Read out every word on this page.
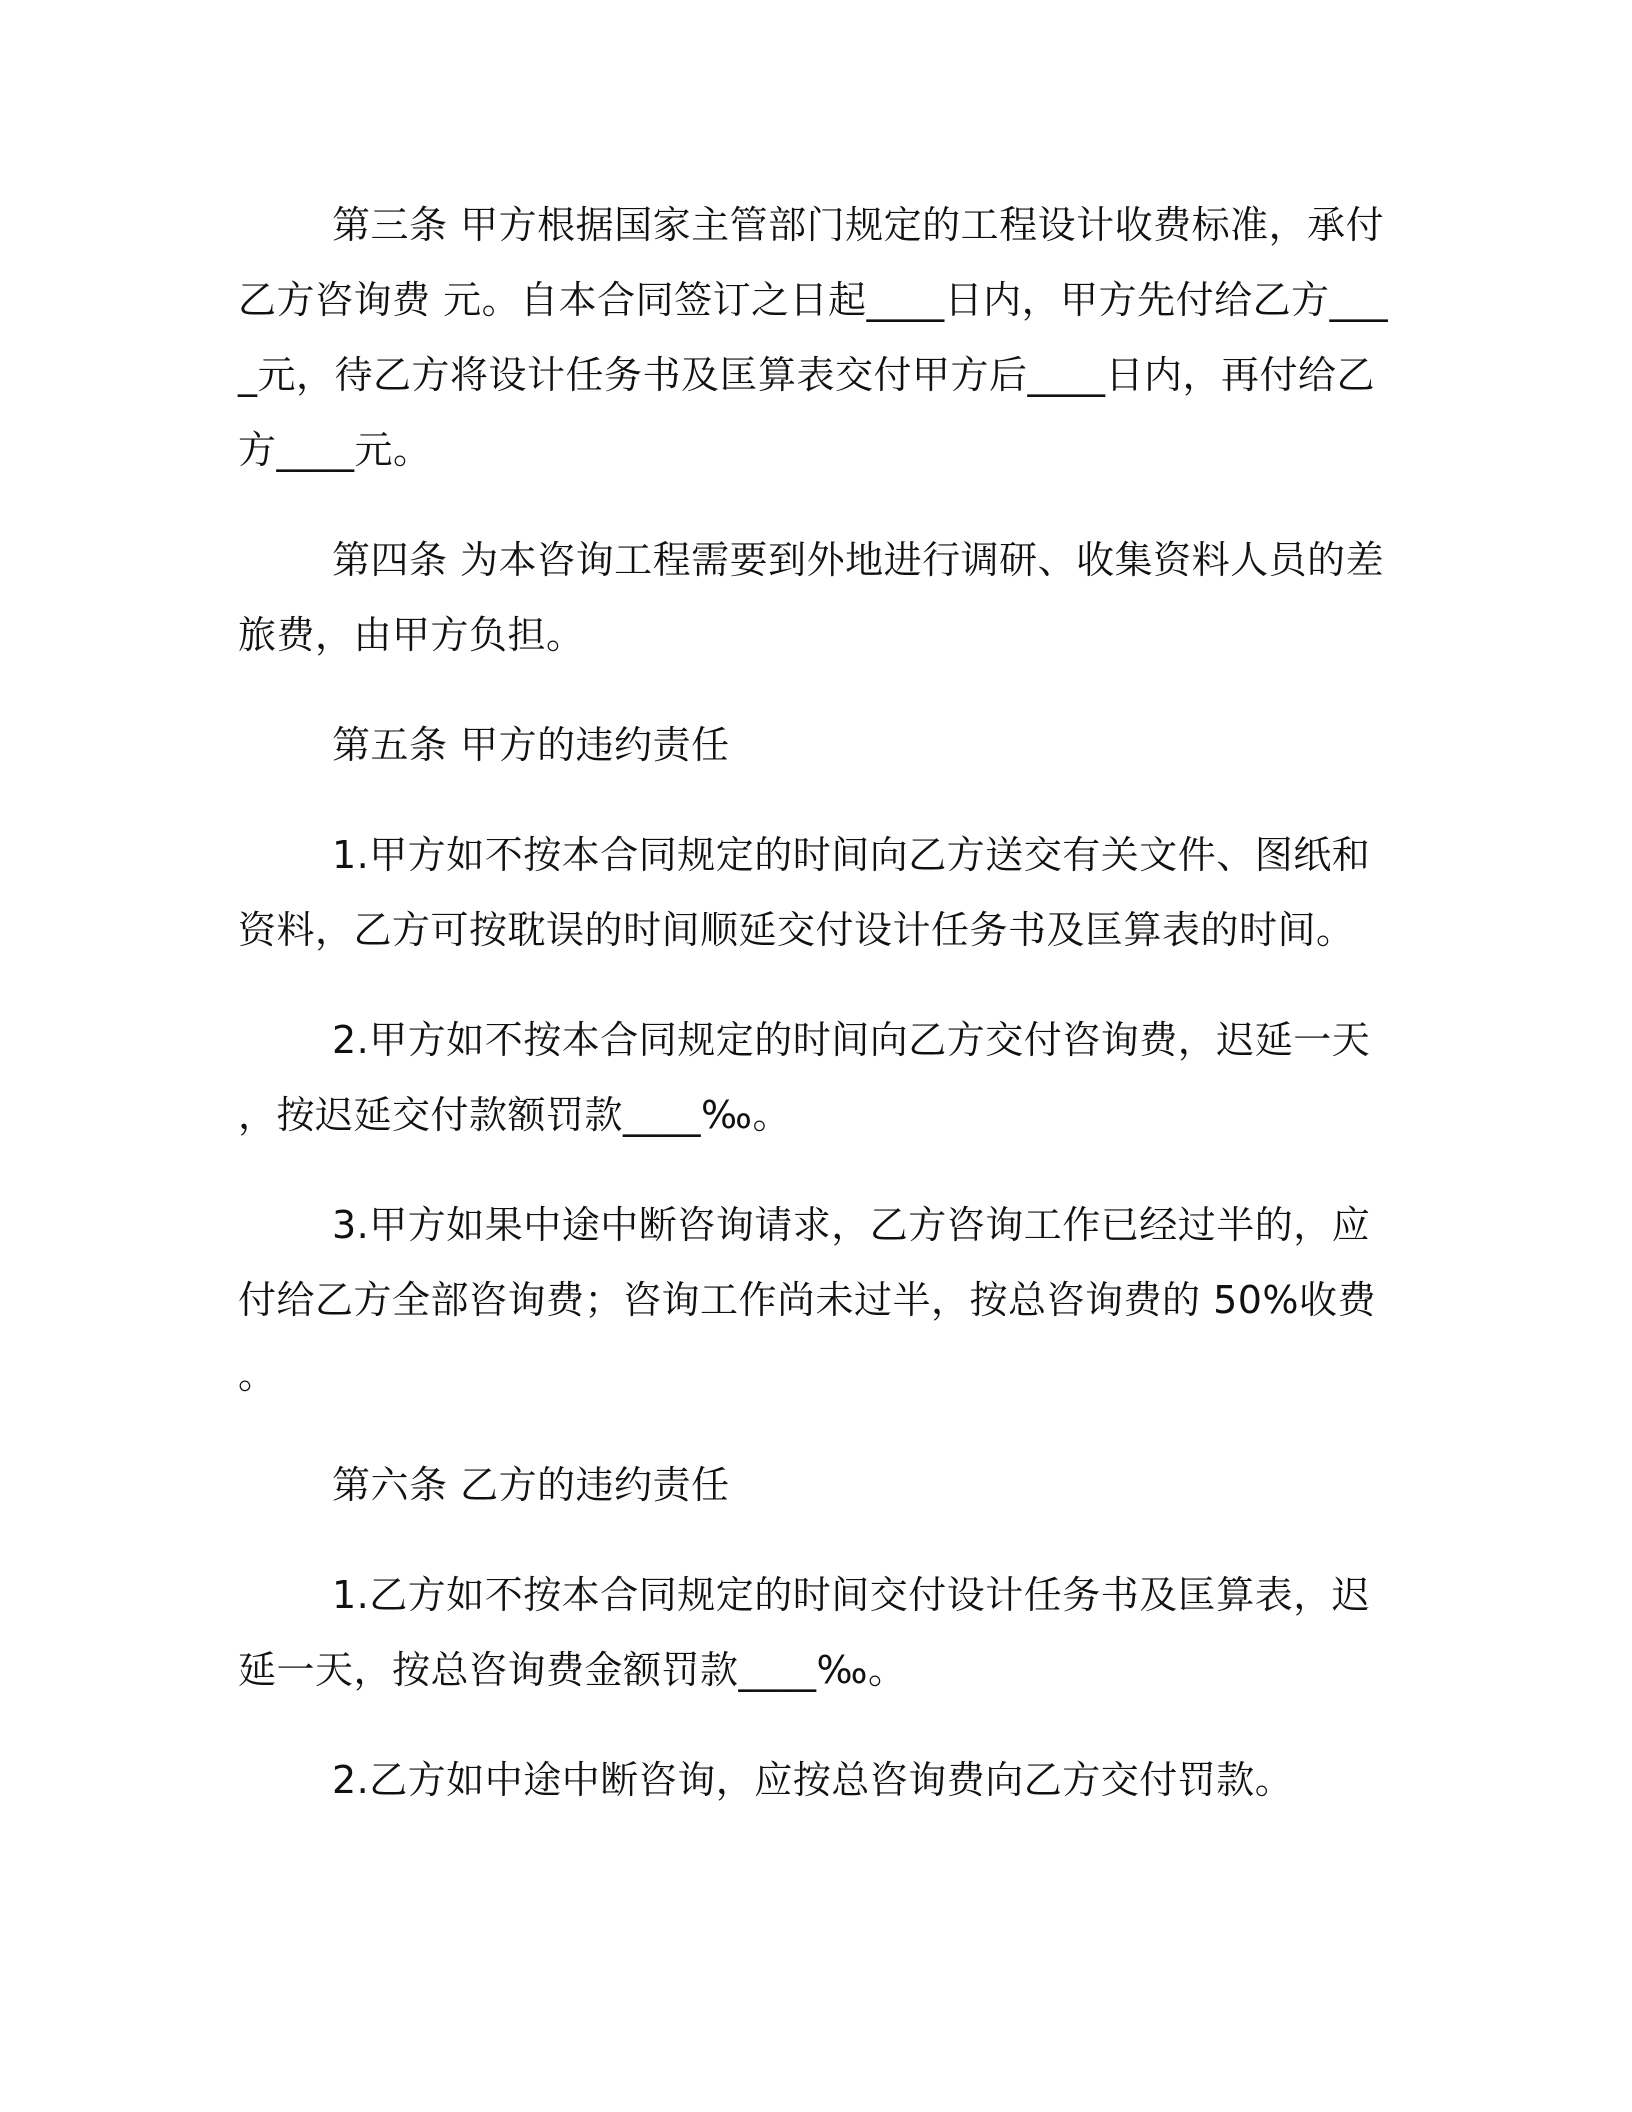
第三条 甲方根据国家主管部门规定的工程设计收费标准，承付乙方咨询费 元。自本合同签订之日起____日内，甲方先付给乙方____元，待乙方将设计任务书及匡算表交付甲方后____日内，再付给乙方____元。

第四条 为本咨询工程需要到外地进行调研、收集资料人员的差旅费，由甲方负担。

第五条 甲方的违约责任

1.甲方如不按本合同规定的时间向乙方送交有关文件、图纸和资料，乙方可按耽误的时间顺延交付设计任务书及匡算表的时间。

2.甲方如不按本合同规定的时间向乙方交付咨询费，迟延一天，按迟延交付款额罚款____‰。

3.甲方如果中途中断咨询请求，乙方咨询工作已经过半的，应付给乙方全部咨询费；咨询工作尚未过半，按总咨询费的 50%收费。

第六条 乙方的违约责任

1.乙方如不按本合同规定的时间交付设计任务书及匡算表，迟延一天，按总咨询费金额罚款____‰。

2.乙方如中途中断咨询，应按总咨询费向乙方交付罚款。
